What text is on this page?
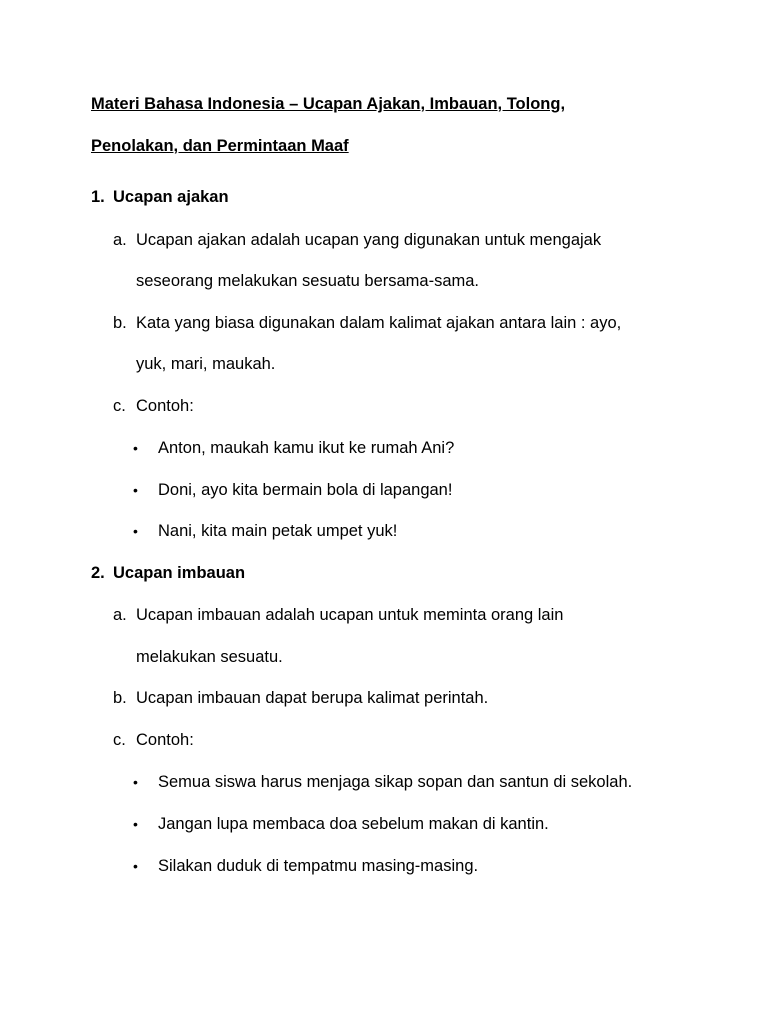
Materi Bahasa Indonesia – Ucapan Ajakan, Imbauan, Tolong,
Penolakan, dan Permintaan Maaf
1. Ucapan ajakan
a. Ucapan ajakan adalah ucapan yang digunakan untuk mengajak
seseorang melakukan sesuatu bersama-sama.
b. Kata yang biasa digunakan dalam kalimat ajakan antara lain : ayo,
yuk, mari, maukah.
c. Contoh:
• Anton, maukah kamu ikut ke rumah Ani?
• Doni, ayo kita bermain bola di lapangan!
• Nani, kita main petak umpet yuk!
2. Ucapan imbauan
a. Ucapan imbauan adalah ucapan untuk meminta orang lain
melakukan sesuatu.
b. Ucapan imbauan dapat berupa kalimat perintah.
c. Contoh:
• Semua siswa harus menjaga sikap sopan dan santun di sekolah.
• Jangan lupa membaca doa sebelum makan di kantin.
• Silakan duduk di tempatmu masing-masing.
